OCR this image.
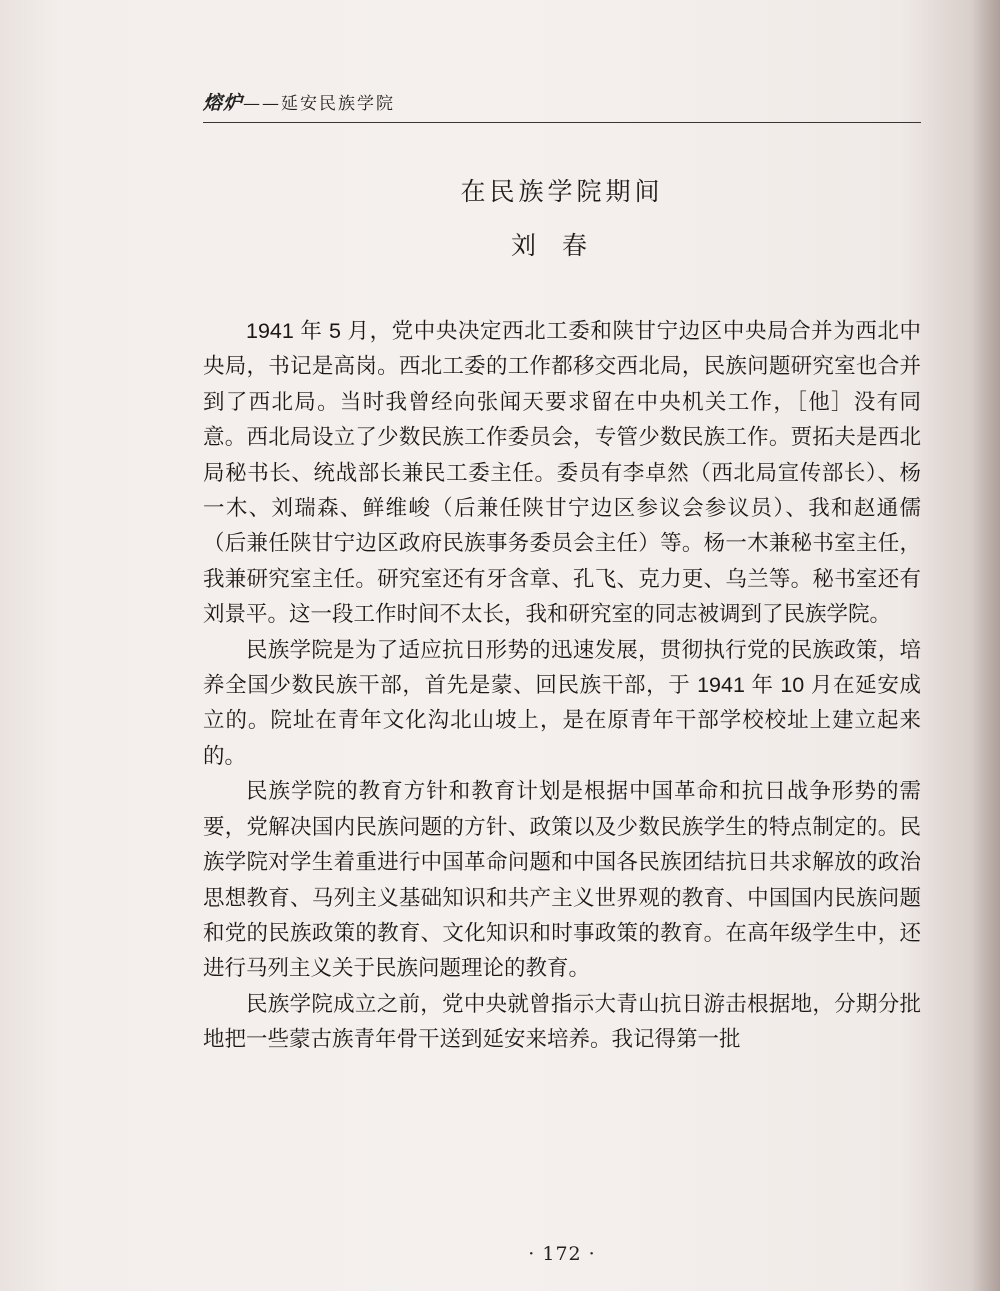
熔炉——延安民族学院
在民族学院期间
刘春

1941 年 5 月，党中央决定西北工委和陕甘宁边区中央局合并为西北中央局，书记是高岗。西北工委的工作都移交西北局，民族问题研究室也合并到了西北局。当时我曾经向张闻天要求留在中央机关工作，［他］没有同意。西北局设立了少数民族工作委员会，专管少数民族工作。贾拓夫是西北局秘书长、统战部长兼民工委主任。委员有李卓然（西北局宣传部长）、杨一木、刘瑞森、鲜维峻（后兼任陕甘宁边区参议会参议员）、我和赵通儒（后兼任陕甘宁边区政府民族事务委员会主任）等。杨一木兼秘书室主任，我兼研究室主任。研究室还有牙含章、孔飞、克力更、乌兰等。秘书室还有刘景平。这一段工作时间不太长，我和研究室的同志被调到了民族学院。

民族学院是为了适应抗日形势的迅速发展，贯彻执行党的民族政策，培养全国少数民族干部，首先是蒙、回民族干部，于 1941 年 10 月在延安成立的。院址在青年文化沟北山坡上，是在原青年干部学校校址上建立起来的。

民族学院的教育方针和教育计划是根据中国革命和抗日战争形势的需要，党解决国内民族问题的方针、政策以及少数民族学生的特点制定的。民族学院对学生着重进行中国革命问题和中国各民族团结抗日共求解放的政治思想教育、马列主义基础知识和共产主义世界观的教育、中国国内民族问题和党的民族政策的教育、文化知识和时事政策的教育。在高年级学生中，还进行马列主义关于民族问题理论的教育。

民族学院成立之前，党中央就曾指示大青山抗日游击根据地，分期分批地把一些蒙古族青年骨干送到延安来培养。我记得第一批

· 172 ·
